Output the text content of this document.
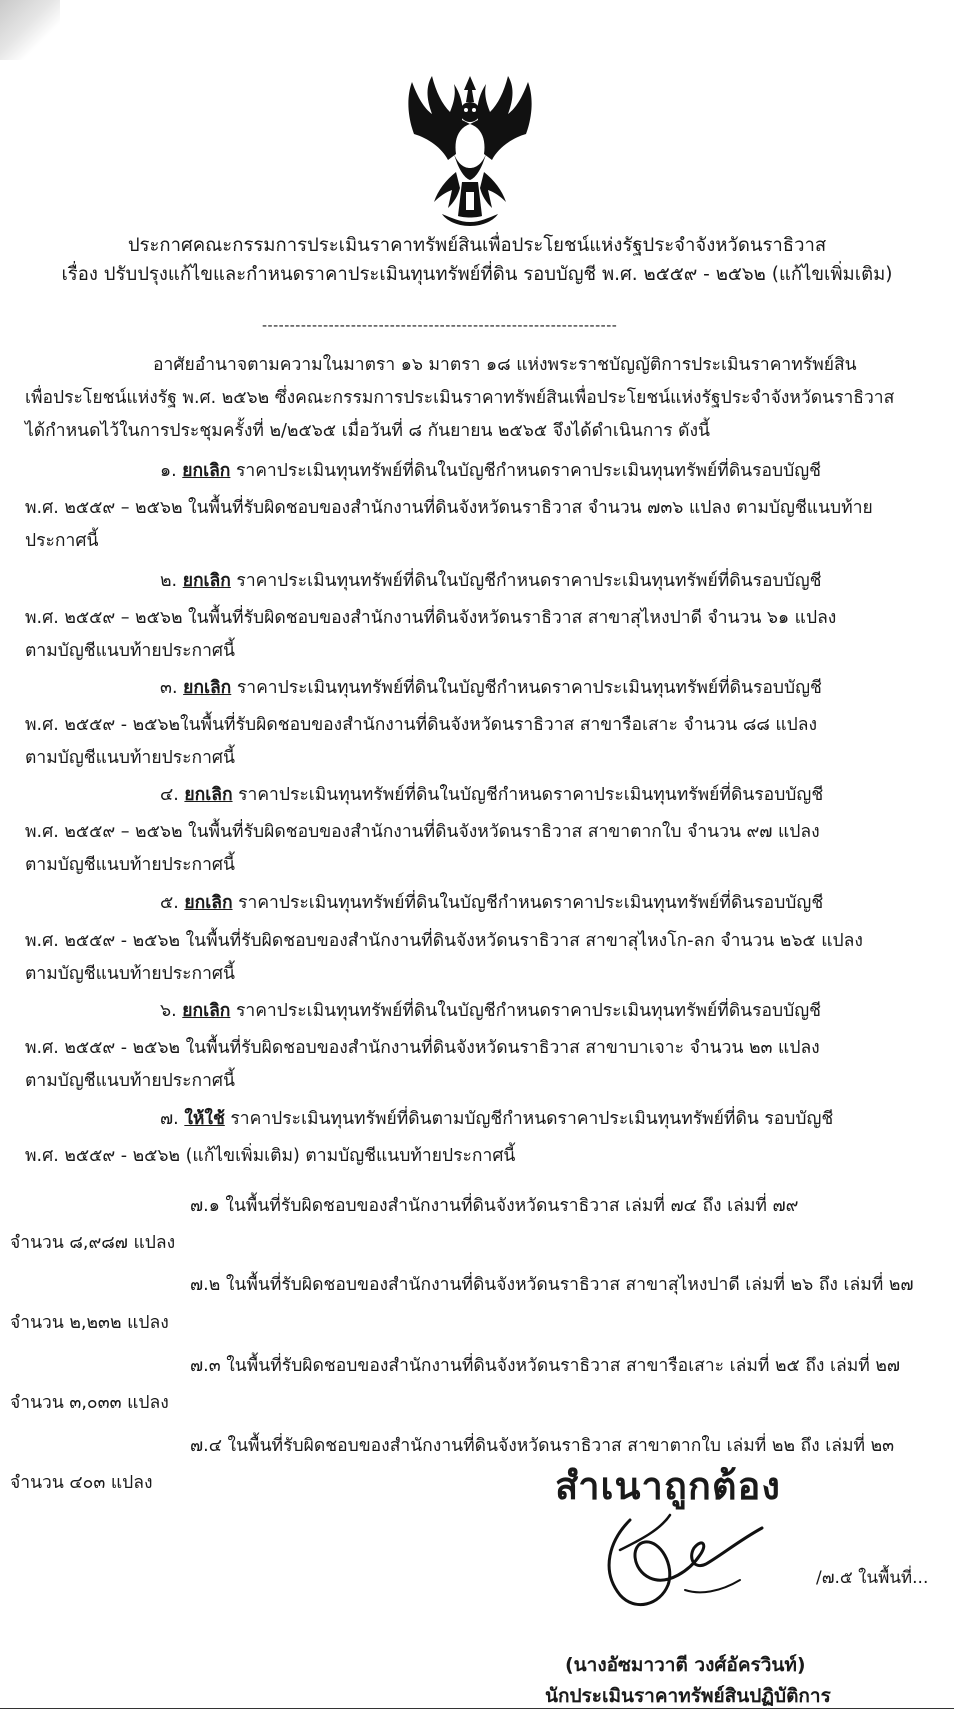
ประกาศคณะกรรมการประเมินราคาทรัพย์สินเพื่อประโยชน์แห่งรัฐประจำจังหวัดนราธิวาส
เรื่อง ปรับปรุงแก้ไขและกำหนดราคาประเมินทุนทรัพย์ที่ดิน รอบบัญชี พ.ศ. ๒๕๕๙ - ๒๕๖๒ (แก้ไขเพิ่มเติม)
----------------------------------------------------------------
อาศัยอำนาจตามความในมาตรา ๑๖ มาตรา ๑๘ แห่งพระราชบัญญัติการประเมินราคาทรัพย์สิน
เพื่อประโยชน์แห่งรัฐ พ.ศ. ๒๕๖๒ ซึ่งคณะกรรมการประเมินราคาทรัพย์สินเพื่อประโยชน์แห่งรัฐประจำจังหวัดนราธิวาส
ได้กำหนดไว้ในการประชุมครั้งที่ ๒/๒๕๖๕ เมื่อวันที่ ๘ กันยายน ๒๕๖๕ จึงได้ดำเนินการ ดังนี้
๑. ยกเลิก ราคาประเมินทุนทรัพย์ที่ดินในบัญชีกำหนดราคาประเมินทุนทรัพย์ที่ดินรอบบัญชี
พ.ศ. ๒๕๕๙ – ๒๕๖๒ ในพื้นที่รับผิดชอบของสำนักงานที่ดินจังหวัดนราธิวาส จำนวน ๗๓๖ แปลง ตามบัญชีแนบท้าย
ประกาศนี้
๒. ยกเลิก ราคาประเมินทุนทรัพย์ที่ดินในบัญชีกำหนดราคาประเมินทุนทรัพย์ที่ดินรอบบัญชี
พ.ศ. ๒๕๕๙ – ๒๕๖๒ ในพื้นที่รับผิดชอบของสำนักงานที่ดินจังหวัดนราธิวาส สาขาสุไหงปาดี จำนวน ๖๑ แปลง
ตามบัญชีแนบท้ายประกาศนี้
๓. ยกเลิก ราคาประเมินทุนทรัพย์ที่ดินในบัญชีกำหนดราคาประเมินทุนทรัพย์ที่ดินรอบบัญชี
พ.ศ. ๒๕๕๙ - ๒๕๖๒ในพื้นที่รับผิดชอบของสำนักงานที่ดินจังหวัดนราธิวาส สาขารือเสาะ จำนวน ๘๘ แปลง
ตามบัญชีแนบท้ายประกาศนี้
๔. ยกเลิก ราคาประเมินทุนทรัพย์ที่ดินในบัญชีกำหนดราคาประเมินทุนทรัพย์ที่ดินรอบบัญชี
พ.ศ. ๒๕๕๙ – ๒๕๖๒ ในพื้นที่รับผิดชอบของสำนักงานที่ดินจังหวัดนราธิวาส สาขาตากใบ จำนวน ๙๗ แปลง
ตามบัญชีแนบท้ายประกาศนี้
๕. ยกเลิก ราคาประเมินทุนทรัพย์ที่ดินในบัญชีกำหนดราคาประเมินทุนทรัพย์ที่ดินรอบบัญชี
พ.ศ. ๒๕๕๙ - ๒๕๖๒ ในพื้นที่รับผิดชอบของสำนักงานที่ดินจังหวัดนราธิวาส สาขาสุไหงโก-ลก จำนวน ๒๖๕ แปลง
ตามบัญชีแนบท้ายประกาศนี้
๖. ยกเลิก ราคาประเมินทุนทรัพย์ที่ดินในบัญชีกำหนดราคาประเมินทุนทรัพย์ที่ดินรอบบัญชี
พ.ศ. ๒๕๕๙ - ๒๕๖๒ ในพื้นที่รับผิดชอบของสำนักงานที่ดินจังหวัดนราธิวาส สาขาบาเจาะ จำนวน ๒๓ แปลง
ตามบัญชีแนบท้ายประกาศนี้
๗. ให้ใช้ ราคาประเมินทุนทรัพย์ที่ดินตามบัญชีกำหนดราคาประเมินทุนทรัพย์ที่ดิน รอบบัญชี
พ.ศ. ๒๕๕๙ - ๒๕๖๒ (แก้ไขเพิ่มเติม) ตามบัญชีแนบท้ายประกาศนี้
๗.๑ ในพื้นที่รับผิดชอบของสำนักงานที่ดินจังหวัดนราธิวาส เล่มที่ ๗๔ ถึง เล่มที่ ๗๙
จำนวน ๘,๙๘๗ แปลง
๗.๒ ในพื้นที่รับผิดชอบของสำนักงานที่ดินจังหวัดนราธิวาส สาขาสุไหงปาดี เล่มที่ ๒๖ ถึง เล่มที่ ๒๗
จำนวน ๒,๒๓๒ แปลง
๗.๓ ในพื้นที่รับผิดชอบของสำนักงานที่ดินจังหวัดนราธิวาส สาขารือเสาะ เล่มที่ ๒๕ ถึง เล่มที่ ๒๗
จำนวน ๓,๐๓๓ แปลง
๗.๔ ในพื้นที่รับผิดชอบของสำนักงานที่ดินจังหวัดนราธิวาส สาขาตากใบ เล่มที่ ๒๒ ถึง เล่มที่ ๒๓
จำนวน ๔๐๓ แปลง	สำเนาถูกต้อง
/๗.๕ ในพื้นที่...
(นางอัซมาวาตี วงศ์อัครวินท์)
นักประเมินราคาทรัพย์สินปฏิบัติการ
